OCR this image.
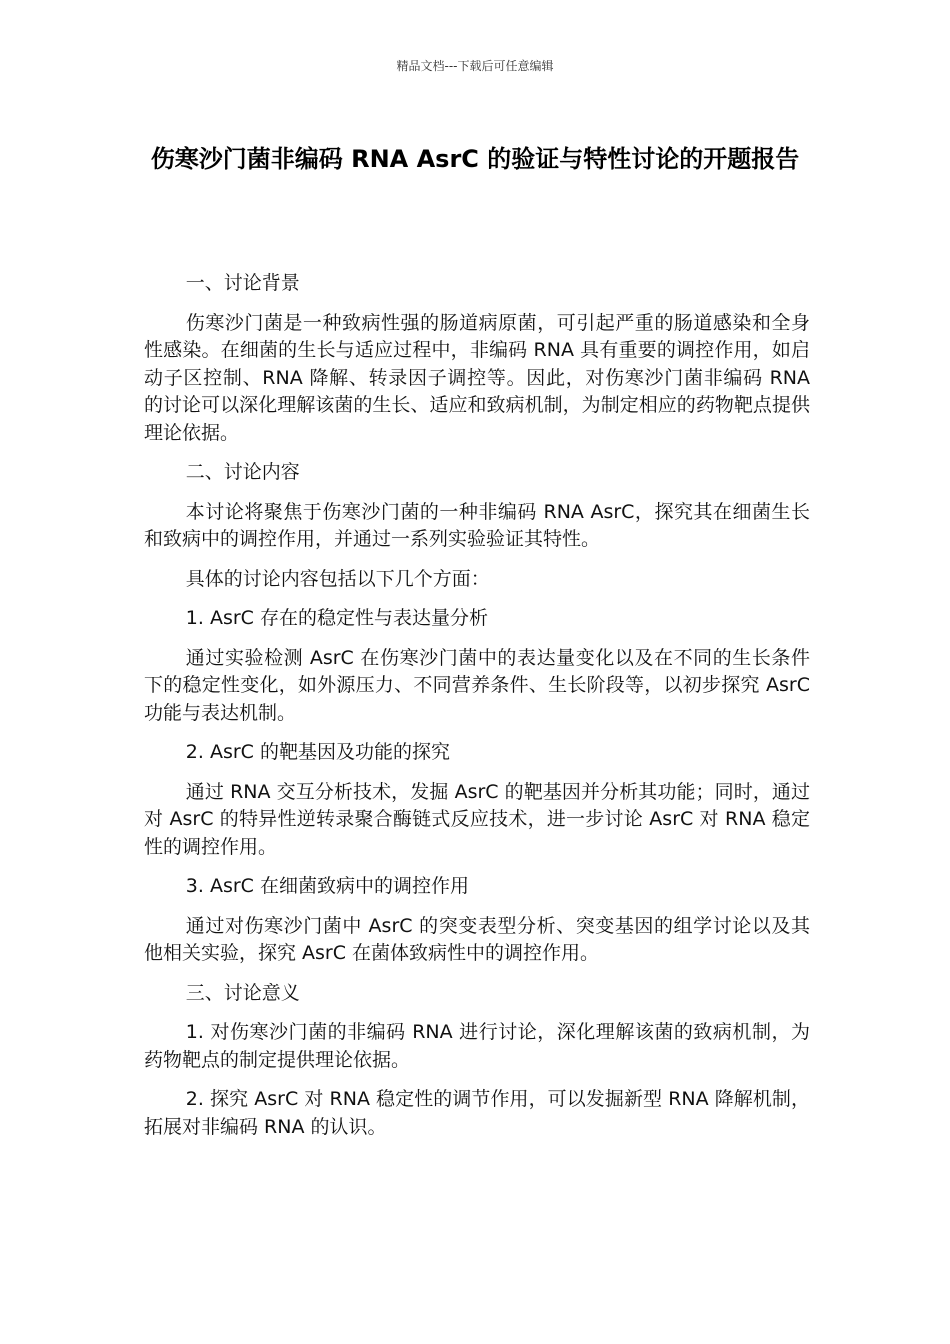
精品文档---下载后可任意编辑
伤寒沙门菌非编码 RNA AsrC 的验证与特性讨论的开题报告

一、讨论背景

伤寒沙门菌是一种致病性强的肠道病原菌，可引起严重的肠道感染和全身性感染。在细菌的生长与适应过程中，非编码 RNA 具有重要的调控作用，如启动子区控制、RNA 降解、转录因子调控等。因此，对伤寒沙门菌非编码 RNA 的讨论可以深化理解该菌的生长、适应和致病机制，为制定相应的药物靶点提供理论依据。

二、讨论内容

本讨论将聚焦于伤寒沙门菌的一种非编码 RNA AsrC，探究其在细菌生长和致病中的调控作用，并通过一系列实验验证其特性。

具体的讨论内容包括以下几个方面：

1. AsrC 存在的稳定性与表达量分析

通过实验检测 AsrC 在伤寒沙门菌中的表达量变化以及在不同的生长条件下的稳定性变化，如外源压力、不同营养条件、生长阶段等，以初步探究 AsrC 功能与表达机制。

2. AsrC 的靶基因及功能的探究

通过 RNA 交互分析技术，发掘 AsrC 的靶基因并分析其功能；同时，通过对 AsrC 的特异性逆转录聚合酶链式反应技术，进一步讨论 AsrC 对 RNA 稳定性的调控作用。

3. AsrC 在细菌致病中的调控作用

通过对伤寒沙门菌中 AsrC 的突变表型分析、突变基因的组学讨论以及其他相关实验，探究 AsrC 在菌体致病性中的调控作用。

三、讨论意义

1. 对伤寒沙门菌的非编码 RNA 进行讨论，深化理解该菌的致病机制，为药物靶点的制定提供理论依据。

2. 探究 AsrC 对 RNA 稳定性的调节作用，可以发掘新型 RNA 降解机制，拓展对非编码 RNA 的认识。
